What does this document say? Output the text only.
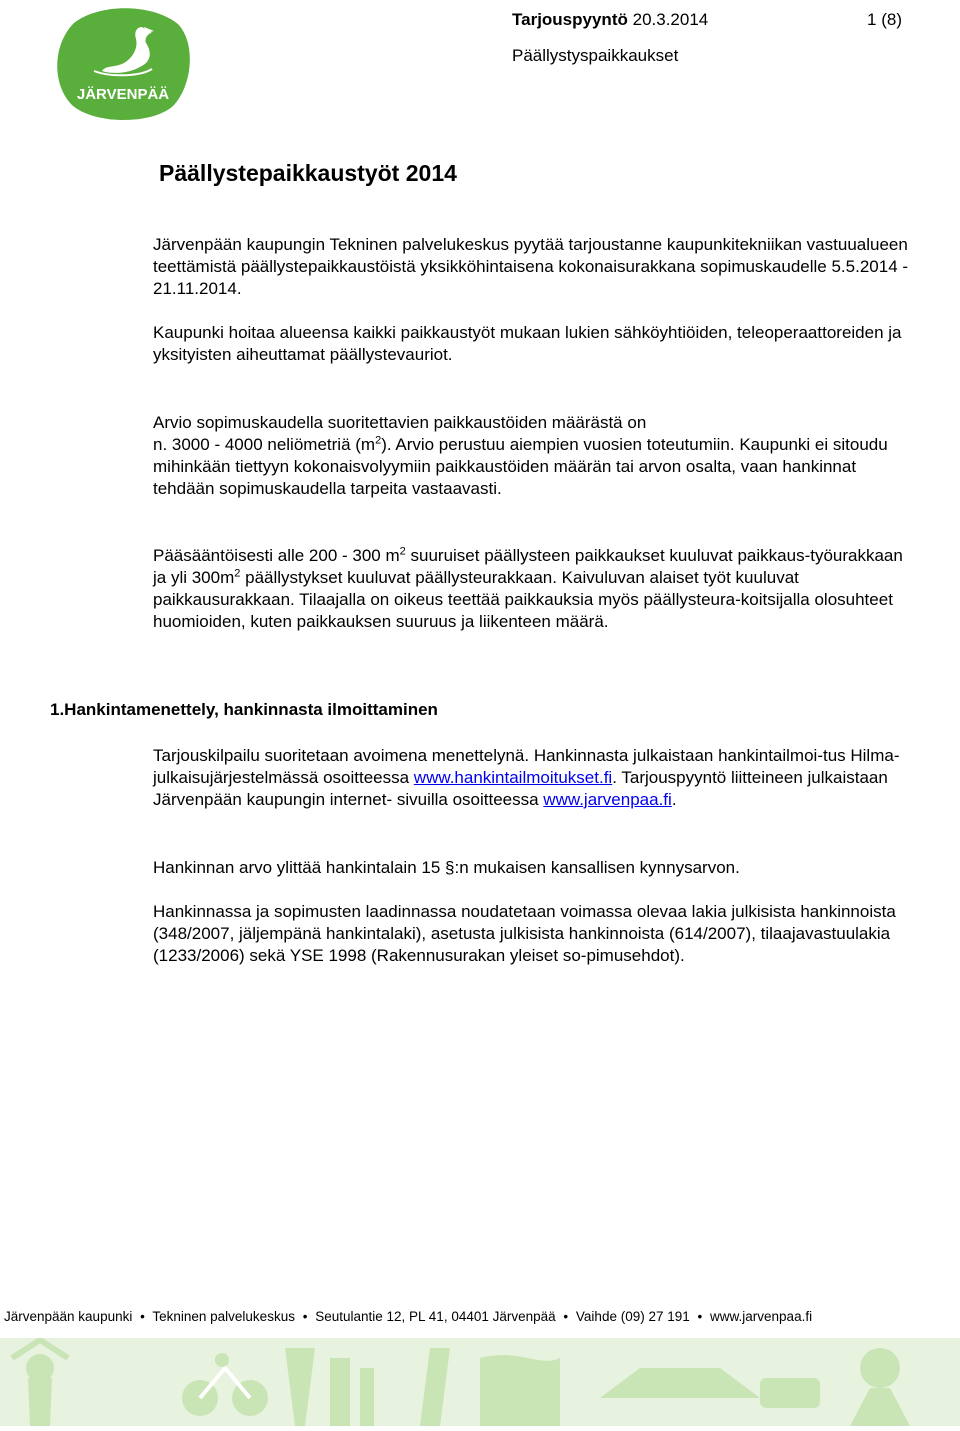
JÄRVENPÄÄ
Tarjouspyyntö 20.3.2014	1 (8)
Päällystyspaikkaukset
Päällystepaikkaustyöt 2014

Järvenpään kaupungin Tekninen palvelukeskus pyytää tarjoustanne kaupunkitekniikan vastuualueen teettämistä päällystepaikkaustöistä yksikköhintaisena kokonaisurakkana sopimuskaudelle 5.5.2014 - 21.11.2014.

Kaupunki hoitaa alueensa kaikki paikkaustyöt mukaan lukien sähköyhtiöiden, teleoperaattoreiden ja yksityisten aiheuttamat päällystevauriot.

Arvio sopimuskaudella suoritettavien paikkaustöiden määrästä on
n. 3000 - 4000 neliömetriä $(m^2)$. Arvio perustuu aiempien vuosien toteutumiin. Kaupunki ei sitoudu mihinkään tiettyyn kokonaisvolyymiin paikkaustöiden määrän tai arvon osalta, vaan hankinnat tehdään sopimuskaudella tarpeita vastaavasti.

Pääsääntöisesti alle 200 - 300 $m^2$ suuruiset päällysteen paikkaukset kuuluvat paikkaus-työurakkaan ja yli $300m^2$ päällystykset kuuluvat päällysteurakkaan. Kaivuluvan alaiset työt kuuluvat paikkausurakkaan. Tilaajalla on oikeus teettää paikkauksia myös päällysteura-koitsijalla olosuhteet huomioiden, kuten paikkauksen suuruus ja liikenteen määrä.

1.Hankintamenettely, hankinnasta ilmoittaminen

Tarjouskilpailu suoritetaan avoimena menettelynä. Hankinnasta julkaistaan hankintailmoi-tus Hilma- julkaisujärjestelmässä osoitteessa www.hankintailmoitukset.fi. Tarjouspyyntö liitteineen julkaistaan Järvenpään kaupungin internet- sivuilla osoitteessa www.jarvenpaa.fi.

Hankinnan arvo ylittää hankintalain 15 §:n mukaisen kansallisen kynnysarvon.

Hankinnassa ja sopimusten laadinnassa noudatetaan voimassa olevaa lakia julkisista hankinnoista (348/2007, jäljempänä hankintalaki), asetusta julkisista hankinnoista (614/2007), tilaajavastuulakia (1233/2006) sekä YSE 1998 (Rakennusurakan yleiset so-pimusehdot).

Järvenpään kaupunki • Tekninen palvelukeskus • Seutulantie 12, PL 41, 04401 Järvenpää • Vaihde (09) 27 191 • www.jarvenpaa.fi
